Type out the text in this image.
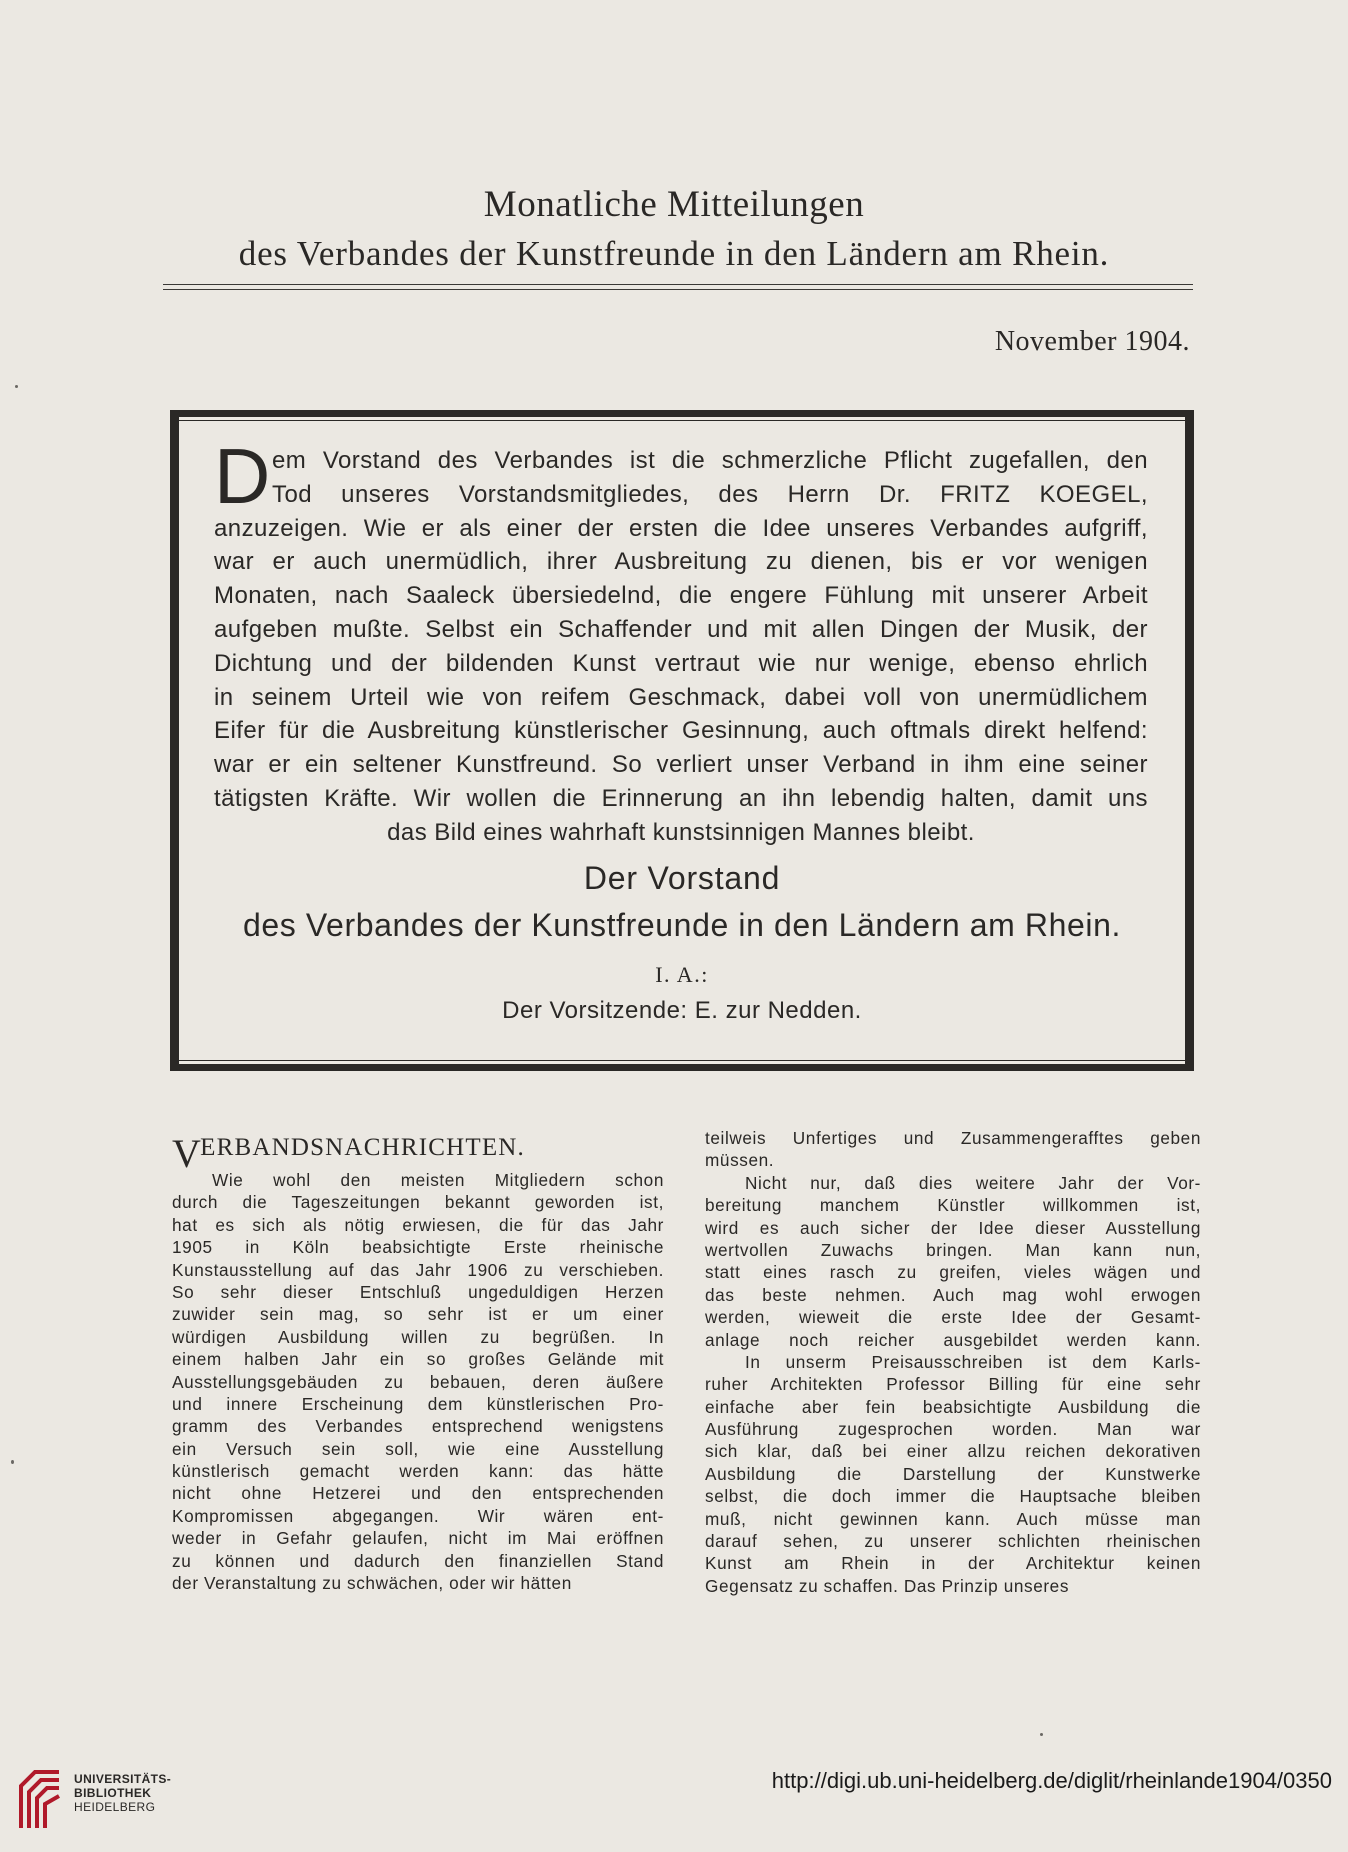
Monatliche Mitteilungen
des Verbandes der Kunstfreunde in den Ländern am Rhein.
November 1904.
D em Vorstand des Verbandes ist die schmerzliche Pflicht zugefallen, den
Tod unseres Vorstandsmitgliedes, des Herrn Dr. FRITZ KOEGEL,
anzuzeigen. Wie er als einer der ersten die Idee unseres Verbandes aufgriff,
war er auch unermüdlich, ihrer Ausbreitung zu dienen, bis er vor wenigen
Monaten, nach Saaleck übersiedelnd, die engere Fühlung mit unserer Arbeit
aufgeben mußte. Selbst ein Schaffender und mit allen Dingen der Musik, der
Dichtung und der bildenden Kunst vertraut wie nur wenige, ebenso ehrlich
in seinem Urteil wie von reifem Geschmack, dabei voll von unermüdlichem
Eifer für die Ausbreitung künstlerischer Gesinnung, auch oftmals direkt helfend:
war er ein seltener Kunstfreund. So verliert unser Verband in ihm eine seiner
tätigsten Kräfte. Wir wollen die Erinnerung an ihn lebendig halten, damit uns
das Bild eines wahrhaft kunstsinnigen Mannes bleibt.
Der Vorstand
des Verbandes der Kunstfreunde in den Ländern am Rhein.
I. A.:
Der Vorsitzende: E. zur Nedden.
VERBANDSNACHRICHTEN.
Wie wohl den meisten Mitgliedern schon
durch die Tageszeitungen bekannt geworden ist,
hat es sich als nötig erwiesen, die für das Jahr
1905 in Köln beabsichtigte Erste rheinische
Kunstausstellung auf das Jahr 1906 zu verschieben.
So sehr dieser Entschluß ungeduldigen Herzen
zuwider sein mag, so sehr ist er um einer
würdigen Ausbildung willen zu begrüßen. In
einem halben Jahr ein so großes Gelände mit
Ausstellungsgebäuden zu bebauen, deren äußere
und innere Erscheinung dem künstlerischen Pro-
gramm des Verbandes entsprechend wenigstens
ein Versuch sein soll, wie eine Ausstellung
künstlerisch gemacht werden kann: das hätte
nicht ohne Hetzerei und den entsprechenden
Kompromissen abgegangen. Wir wären ent-
weder in Gefahr gelaufen, nicht im Mai eröffnen
zu können und dadurch den finanziellen Stand
der Veranstaltung zu schwächen, oder wir hätten
teilweis Unfertiges und Zusammengerafftes geben
müssen.
Nicht nur, daß dies weitere Jahr der Vor-
bereitung manchem Künstler willkommen ist,
wird es auch sicher der Idee dieser Ausstellung
wertvollen Zuwachs bringen. Man kann nun,
statt eines rasch zu greifen, vieles wägen und
das beste nehmen. Auch mag wohl erwogen
werden, wieweit die erste Idee der Gesamt-
anlage noch reicher ausgebildet werden kann.
In unserm Preisausschreiben ist dem Karls-
ruher Architekten Professor Billing für eine sehr
einfache aber fein beabsichtigte Ausbildung die
Ausführung zugesprochen worden. Man war
sich klar, daß bei einer allzu reichen dekorativen
Ausbildung die Darstellung der Kunstwerke
selbst, die doch immer die Hauptsache bleiben
muß, nicht gewinnen kann. Auch müsse man
darauf sehen, zu unserer schlichten rheinischen
Kunst am Rhein in der Architektur keinen
Gegensatz zu schaffen. Das Prinzip unseres
UNIVERSITÄTS-
BIBLIOTHEK
HEIDELBERG
http://digi.ub.uni-heidelberg.de/diglit/rheinlande1904/0350
